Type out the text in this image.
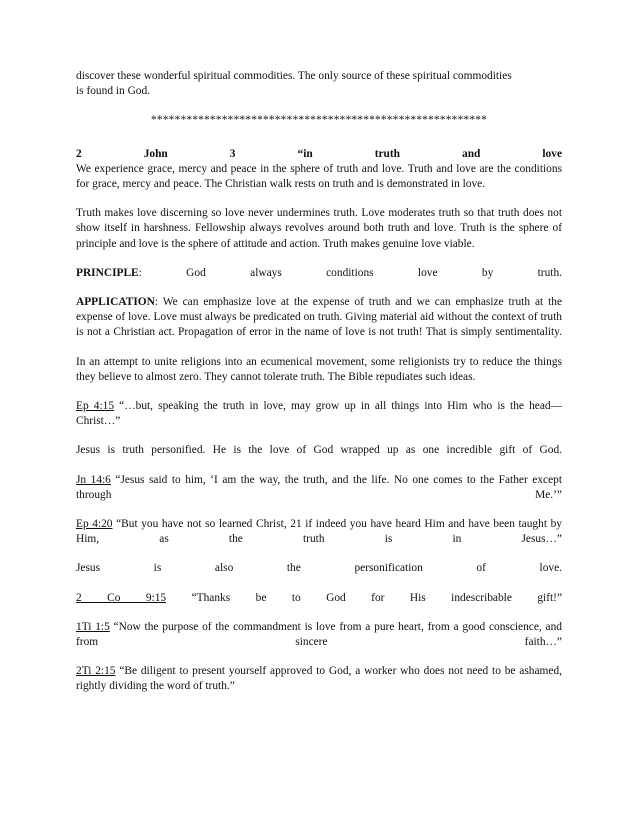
discover these wonderful spiritual commodities. The only source of these spiritual commodities
is found in God.

*********************************************************

2 John 3 “in truth and love

We experience grace, mercy and peace in the sphere of truth and love. Truth and love are the conditions for grace, mercy and peace. The Christian walk rests on truth and is demonstrated in love.

Truth makes love discerning so love never undermines truth. Love moderates truth so that truth does not show itself in harshness. Fellowship always revolves around both truth and love. Truth is the sphere of principle and love is the sphere of attitude and action. Truth makes genuine love viable.

PRINCIPLE: God always conditions love by truth.

APPLICATION: We can emphasize love at the expense of truth and we can emphasize truth at the expense of love. Love must always be predicated on truth. Giving material aid without the context of truth is not a Christian act. Propagation of error in the name of love is not truth! That is simply sentimentality.

In an attempt to unite religions into an ecumenical movement, some religionists try to reduce the things they believe to almost zero. They cannot tolerate truth. The Bible repudiates such ideas.

Ep 4:15 “…but, speaking the truth in love, may grow up in all things into Him who is the head—Christ…”

Jesus is truth personified. He is the love of God wrapped up as one incredible gift of God.

Jn 14:6 “Jesus said to him, ‘I am the way, the truth, and the life. No one comes to the Father except through Me.’”

Ep 4:20 “But you have not so learned Christ, 21 if indeed you have heard Him and have been taught by Him, as the truth is in Jesus…”

Jesus is also the personification of love.

2 Co 9:15 “Thanks be to God for His indescribable gift!”

1Ti 1:5 “Now the purpose of the commandment is love from a pure heart, from a good conscience, and from sincere faith…”

2Ti 2:15 “Be diligent to present yourself approved to God, a worker who does not need to be ashamed, rightly dividing the word of truth.”
